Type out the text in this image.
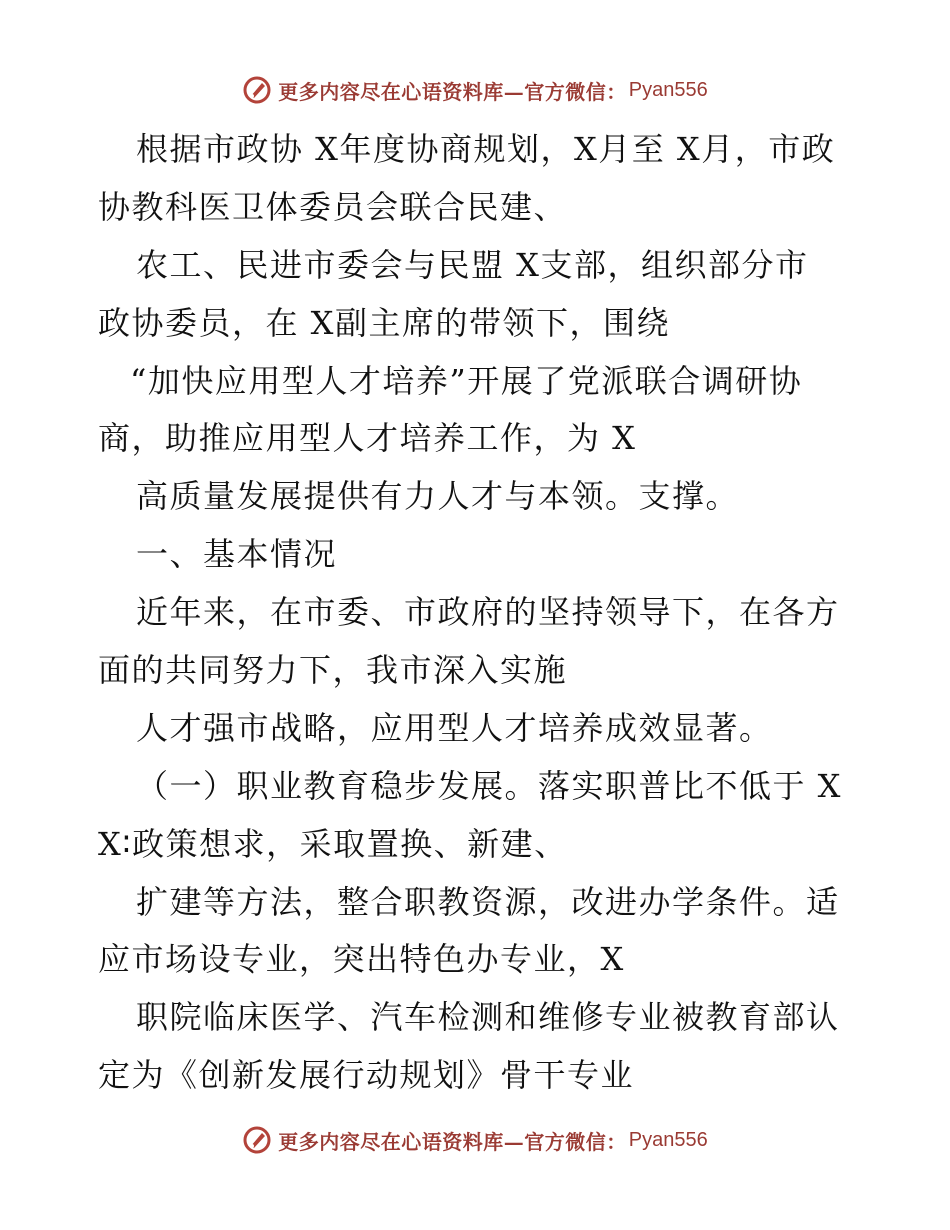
更多内容尽在心语资料库—官方微信： Pyan556
根据市政协 X年度协商规划，X月至 X月，市政
协教科医卫体委员会联合民建、
农工、民进市委会与民盟 X支部，组织部分市
政协委员，在 X副主席的带领下，围绕
“加快应用型人才培养”开展了党派联合调研协
商，助推应用型人才培养工作，为 X
高质量发展提供有力人才与本领。支撑。
一、基本情况
近年来，在市委、市政府的坚持领导下，在各方
面的共同努力下，我市深入实施
人才强市战略，应用型人才培养成效显著。
（一）职业教育稳步发展。落实职普比不低于 X
X∶政策想求，采取置换、新建、
扩建等方法，整合职教资源，改进办学条件。适
应市场设专业，突出特色办专业，X
职院临床医学、汽车检测和维修专业被教育部认
定为《创新发展行动规划》骨干专业
更多内容尽在心语资料库—官方微信： Pyan556
